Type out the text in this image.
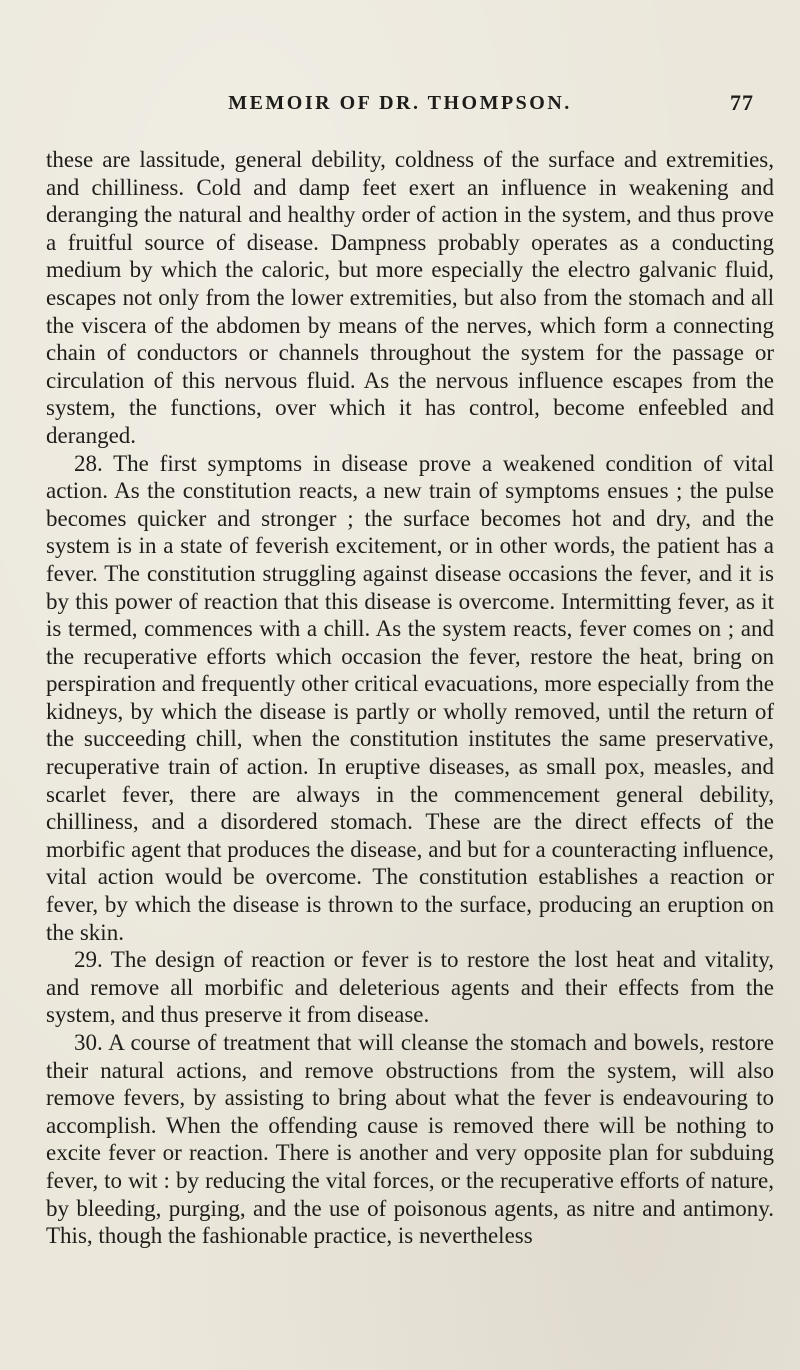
MEMOIR OF DR. THOMPSON.	77

these are lassitude, general debility, coldness of the surface and extremities, and chilliness. Cold and damp feet exert an influence in weakening and deranging the natural and healthy order of action in the system, and thus prove a fruitful source of disease. Dampness probably operates as a conducting medium by which the caloric, but more especially the electro galvanic fluid, escapes not only from the lower extremities, but also from the stomach and all the viscera of the abdomen by means of the nerves, which form a connecting chain of conductors or channels throughout the system for the passage or circulation of this nervous fluid. As the nervous influence escapes from the system, the functions, over which it has control, become enfeebled and deranged.

28. The first symptoms in disease prove a weakened condition of vital action. As the constitution reacts, a new train of symptoms ensues ; the pulse becomes quicker and stronger ; the surface becomes hot and dry, and the system is in a state of feverish excitement, or in other words, the patient has a fever. The constitution struggling against disease occasions the fever, and it is by this power of reaction that this disease is overcome. Intermitting fever, as it is termed, commences with a chill. As the system reacts, fever comes on ; and the recuperative efforts which occasion the fever, restore the heat, bring on perspiration and frequently other critical evacuations, more especially from the kidneys, by which the disease is partly or wholly removed, until the return of the succeeding chill, when the constitution institutes the same preservative, recuperative train of action. In eruptive diseases, as small pox, measles, and scarlet fever, there are always in the commencement general debility, chilliness, and a disordered stomach. These are the direct effects of the morbific agent that produces the disease, and but for a counteracting influence, vital action would be overcome. The constitution establishes a reaction or fever, by which the disease is thrown to the surface, producing an eruption on the skin.

29. The design of reaction or fever is to restore the lost heat and vitality, and remove all morbific and deleterious agents and their effects from the system, and thus preserve it from disease.

30. A course of treatment that will cleanse the stomach and bowels, restore their natural actions, and remove obstructions from the system, will also remove fevers, by assisting to bring about what the fever is endeavouring to accomplish. When the offending cause is removed there will be nothing to excite fever or reaction. There is another and very opposite plan for subduing fever, to wit : by reducing the vital forces, or the recuperative efforts of nature, by bleeding, purging, and the use of poisonous agents, as nitre and antimony. This, though the fashionable practice, is nevertheless
